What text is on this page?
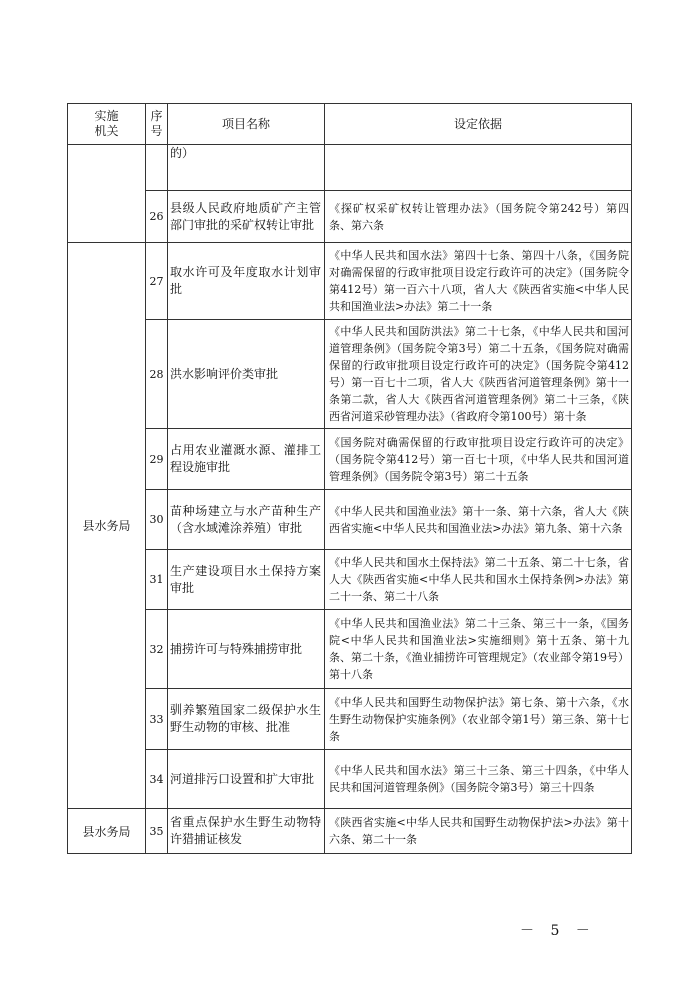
实施机关	序号	项目名称	设定依据
		的）	
	26	县级人民政府地质矿产主管部门审批的采矿权转让审批	《探矿权采矿权转让管理办法》（国务院令第242号）第四条、第六条
县水务局	27	取水许可及年度取水计划审批	《中华人民共和国水法》第四十七条、第四十八条，《国务院对确需保留的行政审批项目设定行政许可的决定》（国务院令第412号）第一百六十八项，省人大《陕西省实施<中华人民共和国渔业法>办法》第二十一条
	28	洪水影响评价类审批	《中华人民共和国防洪法》第二十七条，《中华人民共和国河道管理条例》（国务院令第3号）第二十五条，《国务院对确需保留的行政审批项目设定行政许可的决定》（国务院令第412号）第一百七十二项，省人大《陕西省河道管理条例》第十一条第二款，省人大《陕西省河道管理条例》第二十三条，《陕西省河道采砂管理办法》（省政府令第100号）第十条
	29	占用农业灌溉水源、灌排工程设施审批	《国务院对确需保留的行政审批项目设定行政许可的决定》（国务院令第412号）第一百七十项，《中华人民共和国河道管理条例》（国务院令第3号）第二十五条
	30	苗种场建立与水产苗种生产（含水域滩涂养殖）审批	《中华人民共和国渔业法》第十一条、第十六条，省人大《陕西省实施<中华人民共和国渔业法>办法》第九条、第十六条
	31	生产建设项目水土保持方案审批	《中华人民共和国水土保持法》第二十五条、第二十七条，省人大《陕西省实施<中华人民共和国水土保持条例>办法》第二十一条、第二十八条
	32	捕捞许可与特殊捕捞审批	《中华人民共和国渔业法》第二十三条、第三十一条，《国务院<中华人民共和国渔业法>实施细则》第十五条、第十九条、第二十条，《渔业捕捞许可管理规定》（农业部令第19号）第十八条
	33	驯养繁殖国家二级保护水生野生动物的审核、批准	《中华人民共和国野生动物保护法》第七条、第十六条，《水生野生动物保护实施条例》（农业部令第1号）第三条、第十七条
	34	河道排污口设置和扩大审批	《中华人民共和国水法》第三十三条、第三十四条，《中华人民共和国河道管理条例》（国务院令第3号）第三十四条
县水务局	35	省重点保护水生野生动物特许猎捕证核发	《陕西省实施<中华人民共和国野生动物保护法>办法》第十六条、第二十一条
－ 5 －
